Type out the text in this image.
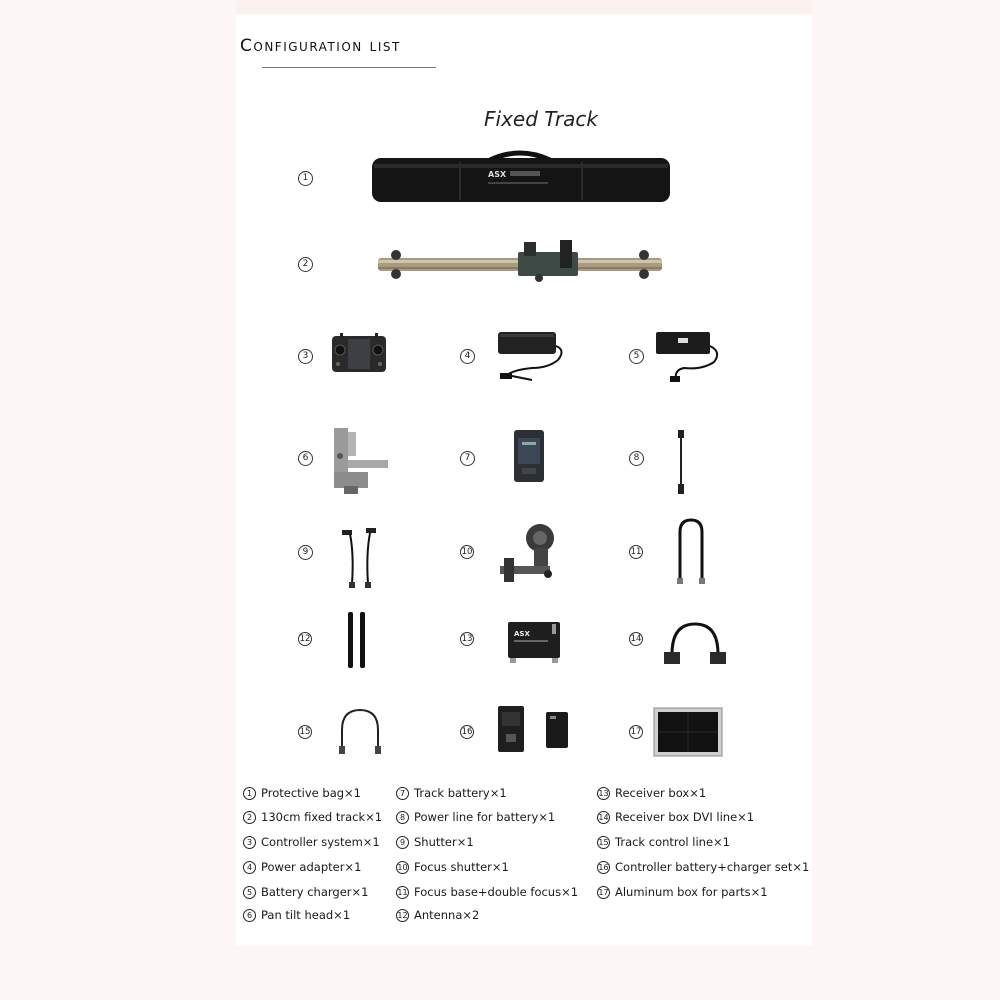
Configuration list
Fixed Track
1
2
3	4	5
6	7	8
9	10	11
12	13	14
15	16	17
ASX
ASX
1 Protective bag×1
2 130cm fixed track×1
3 Controller system×1
4 Power adapter×1
5 Battery charger×1
6 Pan tilt head×1
7 Track battery×1
8 Power line for battery×1
9 Shutter×1
10 Focus shutter×1
11 Focus base+double focus×1
12 Antenna×2
13 Receiver box×1
14 Receiver box DVI line×1
15 Track control line×1
16 Controller battery+charger set×1
17 Aluminum box for parts×1
